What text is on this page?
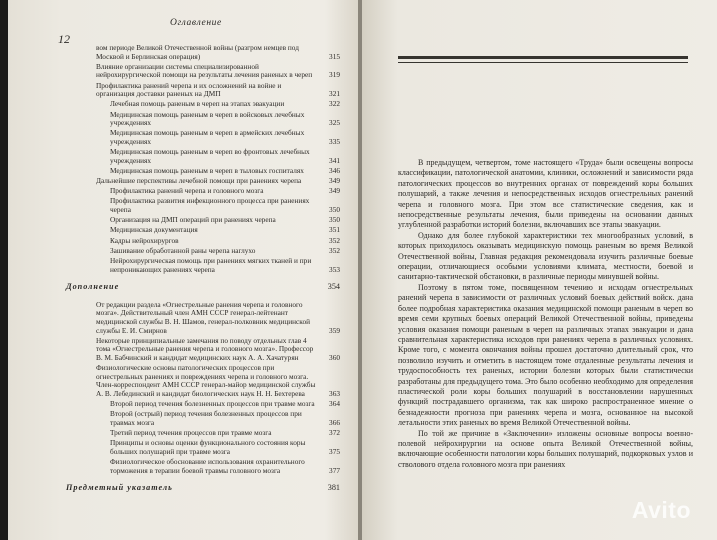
12
Оглавление
вом периоде Великой Отечественной войны (разгром немцев под Москвой и Берлинская операция)	315
Влияние организации системы специализированной нейрохирургической помощи на результаты лечения раненых в череп	319
Профилактика ранений черепа и их осложнений на войне и организация доставки раненых на ДМП	321
Лечебная помощь раненым в череп на этапах эвакуации	322
Медицинская помощь раненым в череп в войсковых лечебных учреждениях	325
Медицинская помощь раненым в череп в армейских лечебных учреждениях	335
Медицинская помощь раненым в череп во фронтовых лечебных учреждениях	341
Медицинская помощь раненым в череп в тыловых госпиталях	346
Дальнейшие перспективы лечебной помощи при ранениях черепа	349
Профилактика ранений черепа и головного мозга	349
Профилактика развития инфекционного процесса при ранениях черепа	350
Организация на ДМП операций при ранениях черепа	350
Медицинская документация	351
Кадры нейрохирургов	352
Зашивание обработанной раны черепа наглухо	352
Нейрохирургическая помощь при ранениях мягких тканей и при непроникающих ранениях черепа	353
Дополнение	354
От редакции раздела «Огнестрельные ранения черепа и головного мозга». Действительный член АМН СССР генерал-лейтенант медицинской службы В. Н. Шамов, генерал-полковник медицинской службы Е. И. Смирнов	359
Некоторые принципиальные замечания по поводу отдельных глав 4 тома «Огнестрельные ранения черепа и головного мозга». Профессор В. М. Бабчинский и кандидат медицинских наук А. А. Хачатурян	360
Физиологические основы патологических процессов при огнестрельных ранениях и повреждениях черепа и головного мозга. Член-корреспондент АМН СССР генерал-майор медицинской службы А. В. Лебединский и кандидат биологических наук Н. Н. Бехтерева	363
Второй период течения болезненных процессов при травме мозга	364
Второй (острый) период течения болезненных процессов при травмах мозга	366
Третий период течения процессов при травме мозга	372
Принципы и основы оценки функционального состояния коры больших полушарий при травме мозга	375
Физиологическое обоснование использования охранительного торможения в терапии боевой травмы головного мозга	377
Предметный указатель	381

В предыдущем, четвертом, томе настоящего «Труда» были освещены вопросы классификации, патологической анатомии, клиники, осложнений и зависимости ряда патологических процессов во внутренних органах от повреждений коры больших полушарий, а также лечения и непосредственных исходов огнестрельных ранений черепа и головного мозга. При этом все статистические сведения, как и непосредственные результаты лечения, были приведены на основании данных углубленной разработки историй болезни, включавших все этапы эвакуации.

Однако для более глубокой характеристики тех многообразных условий, в которых приходилось оказывать медицинскую помощь раненым во время Великой Отечественной войны, Главная редакция рекомендовала изучить различные боевые операции, отличающиеся особыми условиями климата, местности, боевой и санитарно-тактической обстановки, в различные периоды минувшей войны.

Поэтому в пятом томе, посвященном течению и исходам огнестрельных ранений черепа в зависимости от различных условий боевых действий войск. дана более подробная характеристика оказания медицинской помощи раненым в череп во время семи крупных боевых операций Великой Отечественной войны, приведены условия оказания помощи раненым в череп на различных этапах эвакуации и дана сравнительная характеристика исходов при ранениях черепа в различных условиях. Кроме того, с момента окончания войны прошел достаточно длительный срок, что позволило изучить и отметить в настоящем томе отдаленные результаты лечения и трудоспособность тех раненых, истории болезни которых были статистически разработаны для предыдущего тома. Это было особенно необходимо для определения пластической роли коры больших полушарий в восстановлении нарушенных функций пострадавшего организма, так как широко распространенное мнение о безнадежности прогноза при ранениях черепа и мозга, основанное на высокой летальности этих раненых во время Великой Отечественной войны.

По той же причине в «Заключении» изложены основные вопросы военно-полевой нейрохирургии на основе опыта Великой Отечественной войны, включающие особенности патологии коры больших полушарий, подкорковых узлов и стволового отдела головного мозга при ранениях

Avito
